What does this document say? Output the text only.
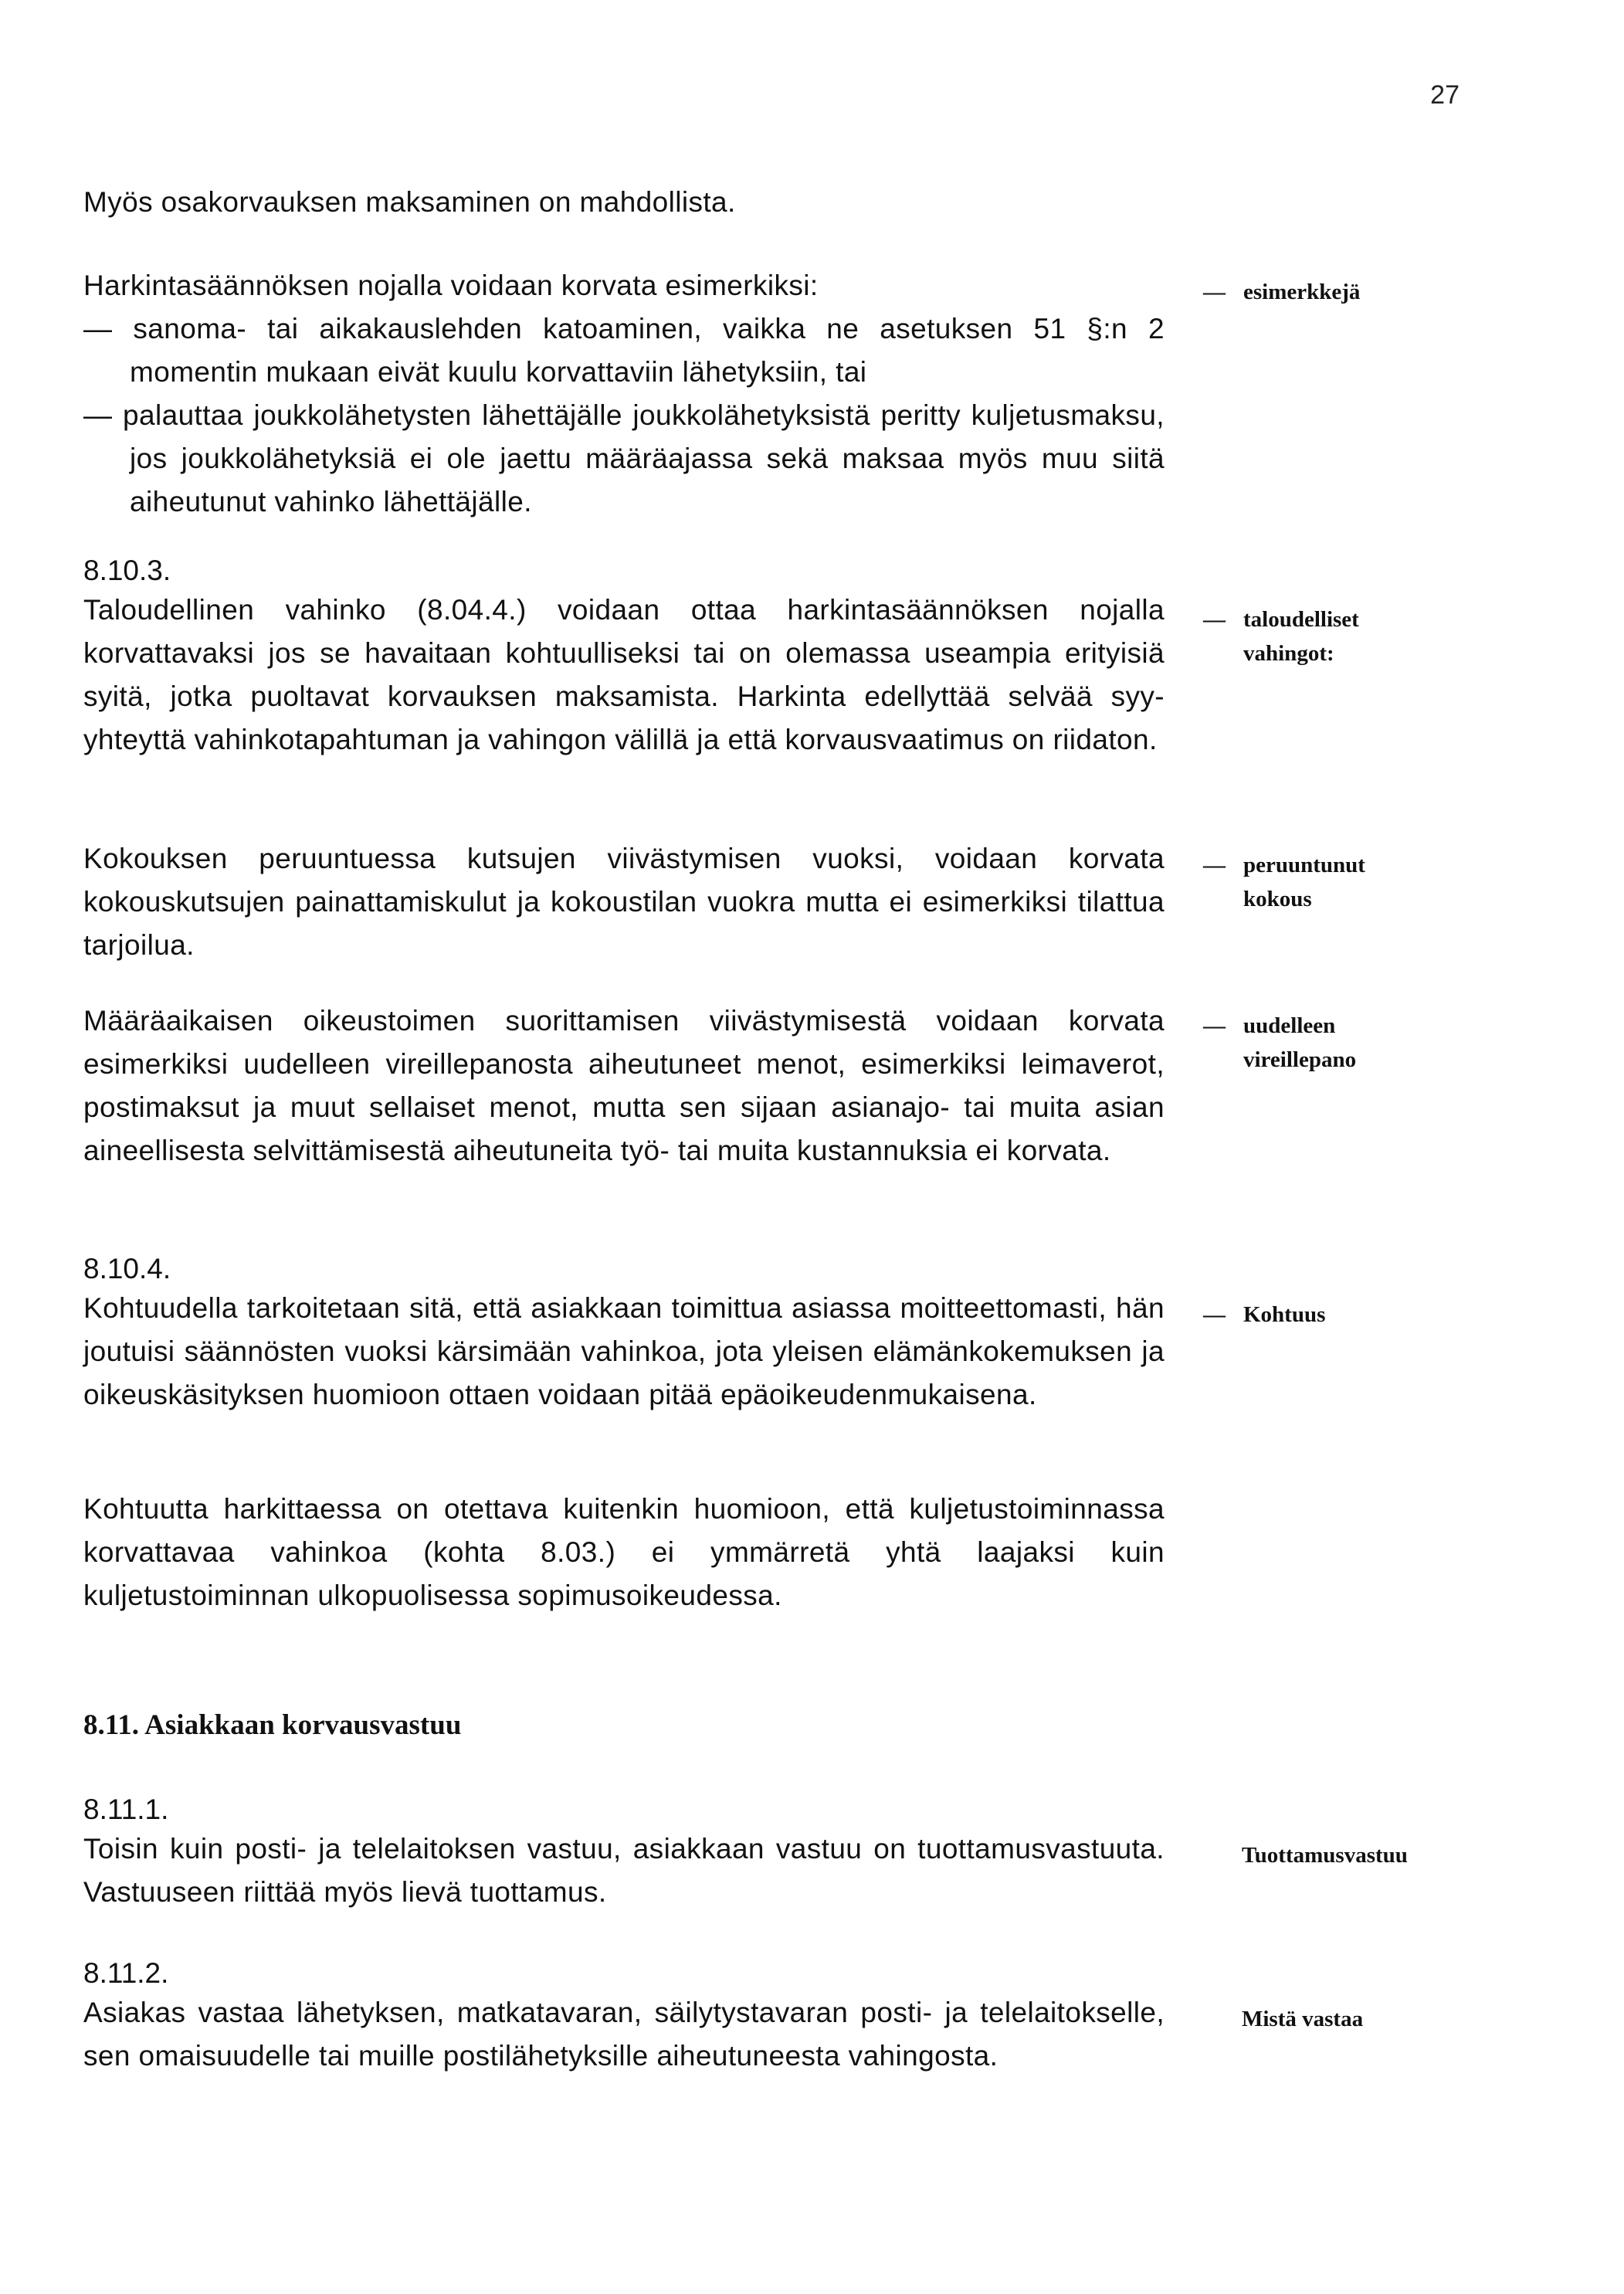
27

Myös osakorvauksen maksaminen on mahdollista.

Harkintasäännöksen nojalla voidaan korvata esimerkiksi:
— sanoma- tai aikakauslehden katoaminen, vaikka ne asetuksen 51 §:n 2 momentin mukaan eivät kuulu korvattaviin lähetyksiin, tai
— palauttaa joukkolähetysten lähettäjälle joukkolähetyksistä peritty kuljetusmaksu, jos joukkolähetyksiä ei ole jaettu määräajassa sekä maksaa myös muu siitä aiheutunut vahinko lähettäjälle.
— esimerkkejä
8.10.3.

Taloudellinen vahinko (8.04.4.) voidaan ottaa harkintasäännöksen nojalla korvattavaksi jos se havaitaan kohtuulliseksi tai on olemassa useampia erityisiä syitä, jotka puoltavat korvauksen maksamista. Harkinta edellyttää selvää syy-yhteyttä vahinkotapahtuman ja vahingon välillä ja että korvausvaatimus on riidaton.

— taloudelliset
vahingot:

Kokouksen peruuntuessa kutsujen viivästymisen vuoksi, voidaan korvata kokouskutsujen painattamiskulut ja kokoustilan vuokra mutta ei esimerkiksi tilattua tarjoilua.

— peruuntunut
kokous

Määräaikaisen oikeustoimen suorittamisen viivästymisestä voidaan korvata esimerkiksi uudelleen vireillepanosta aiheutuneet menot, esimerkiksi leimaverot, postimaksut ja muut sellaiset menot, mutta sen sijaan asianajo- tai muita asian aineellisesta selvittämisestä aiheutuneita työ- tai muita kustannuksia ei korvata.

— uudelleen
vireillepano
8.10.4.

Kohtuudella tarkoitetaan sitä, että asiakkaan toimittua asiassa moitteettomasti, hän joutuisi säännösten vuoksi kärsimään vahinkoa, jota yleisen elämänkokemuksen ja oikeuskäsityksen huomioon ottaen voidaan pitää epäoikeudenmukaisena.

— Kohtuus

Kohtuutta harkittaessa on otettava kuitenkin huomioon, että kuljetustoiminnassa korvattavaa vahinkoa (kohta 8.03.) ei ymmärretä yhtä laajaksi kuin kuljetustoiminnan ulkopuolisessa sopimusoikeudessa.

8.11. Asiakkaan korvausvastuu
8.11.1.

Toisin kuin posti- ja telelaitoksen vastuu, asiakkaan vastuu on tuottamusvastuuta. Vastuuseen riittää myös lievä tuottamus.

Tuottamusvastuu
8.11.2.

Asiakas vastaa lähetyksen, matkatavaran, säilytystavaran posti- ja telelaitokselle, sen omaisuudelle tai muille postilähetyksille aiheutuneesta vahingosta.

Mistä vastaa
